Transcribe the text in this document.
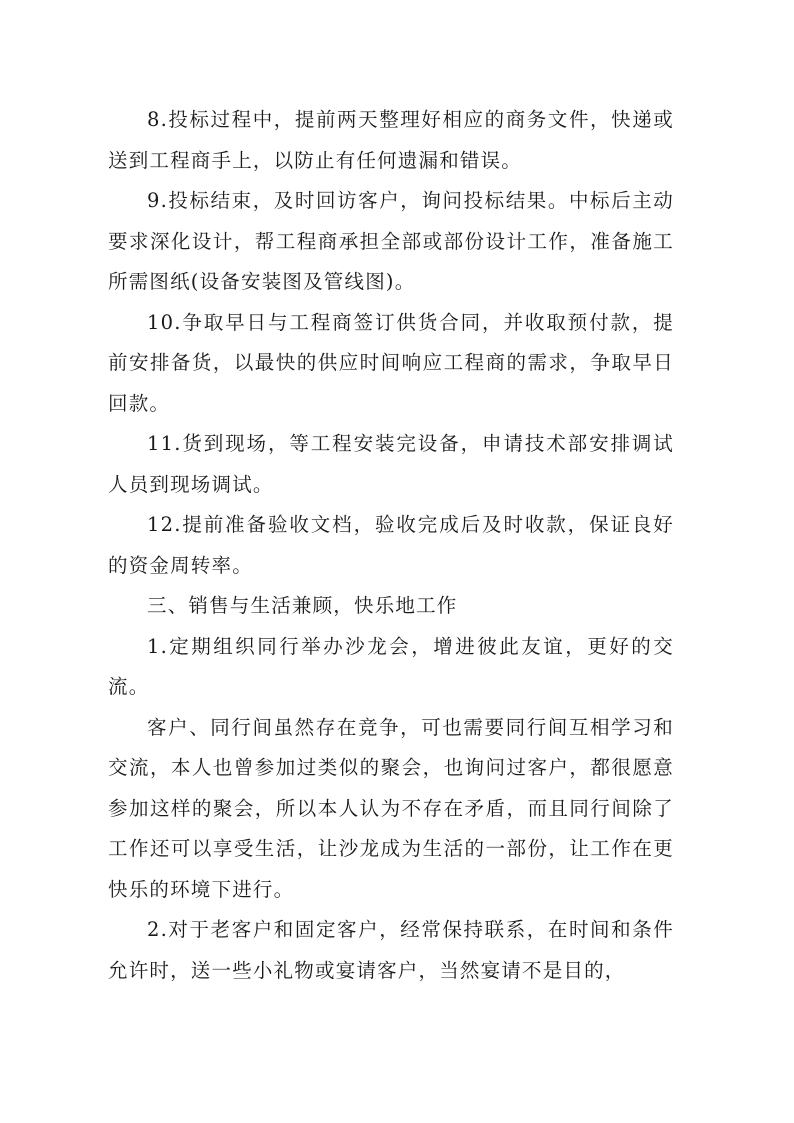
8.投标过程中，提前两天整理好相应的商务文件，快递或送到工程商手上，以防止有任何遗漏和错误。

9.投标结束，及时回访客户，询问投标结果。中标后主动要求深化设计，帮工程商承担全部或部份设计工作，准备施工所需图纸(设备安装图及管线图)。

10.争取早日与工程商签订供货合同，并收取预付款，提前安排备货，以最快的供应时间响应工程商的需求，争取早日回款。

11.货到现场，等工程安装完设备，申请技术部安排调试人员到现场调试。

12.提前准备验收文档，验收完成后及时收款，保证良好的资金周转率。

三、销售与生活兼顾，快乐地工作

1.定期组织同行举办沙龙会，增进彼此友谊，更好的交流。

客户、同行间虽然存在竞争，可也需要同行间互相学习和交流，本人也曾参加过类似的聚会，也询问过客户，都很愿意参加这样的聚会，所以本人认为不存在矛盾，而且同行间除了工作还可以享受生活，让沙龙成为生活的一部份，让工作在更快乐的环境下进行。

2.对于老客户和固定客户，经常保持联系，在时间和条件允许时，送一些小礼物或宴请客户，当然宴请不是目的，
